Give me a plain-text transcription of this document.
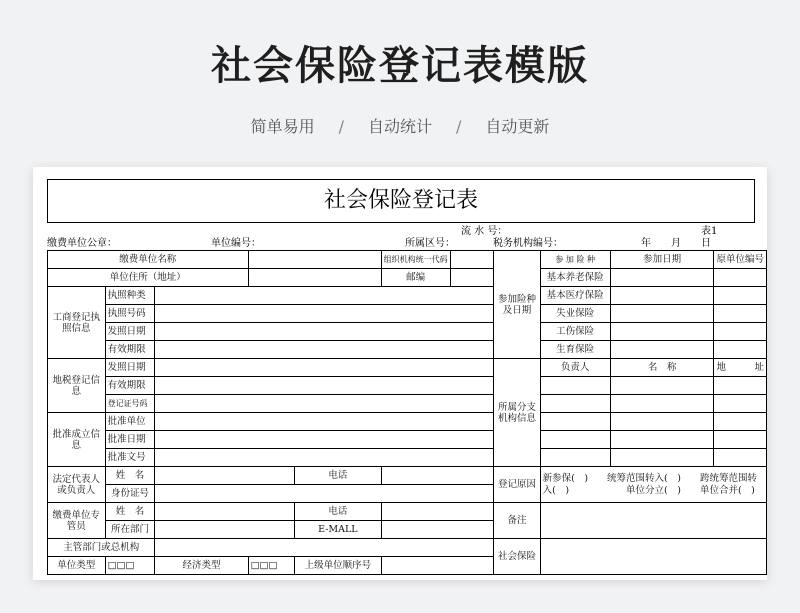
社会保险登记表模版
简单易用 / 自动统计 / 自动更新
社会保险登记表
流 水 号：	表1
缴费单位公章：	单位编号：	所属区号：	税务机构编号：	年　　月　　日
缴费单位名称					组织机构统一代码		参加险种及日期	参 加 险 种	参加日期	原单位编号
单位住所（地址）					邮编			基本养老保险		
工商登记执照信息	执照种类							基本医疗保险		
	执照号码							失业保险		
	发照日期							工伤保险		
	有效期限							生育保险		
地税登记信息	发照日期						所属分支机构信息	负责人	名　称	地　　　址
	有效期限									
	登记证号码									
批准成立信息	批准单位									
	批准日期									
	批准文号									
法定代表人或负责人	姓　名			电话			登记原因	新参保(　)　　统筹范围转入(　)　　跨统筹范围转入(　)　　　　　　单位分立(　)　　单位合并(　)		
	身份证号									
缴费单位专管员	姓　名			电话			备注			
	所在部门			E-MALL						
主管部门或总机构							社会保险			
单位类型	□□□	经济类型	□□□	上级单位顺序号						
